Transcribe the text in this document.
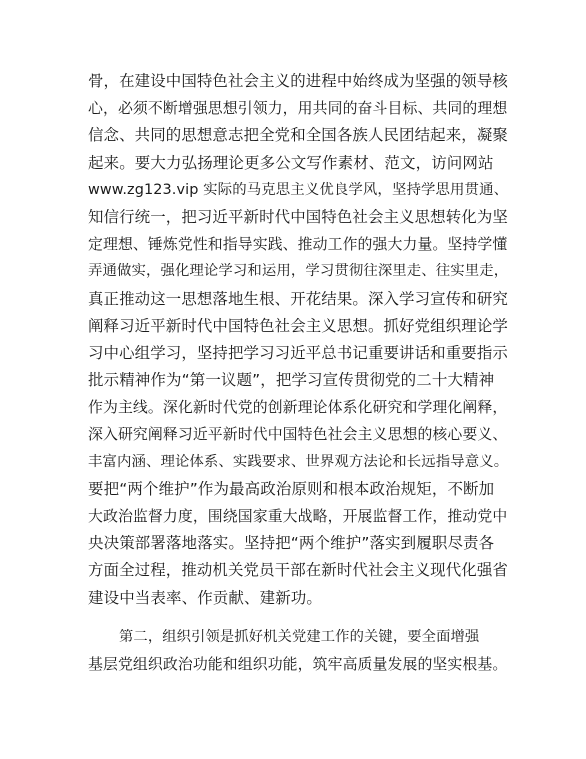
骨，在建设中国特色社会主义的进程中始终成为坚强的领导核
心，必须不断增强思想引领力，用共同的奋斗目标、共同的理想
信念、共同的思想意志把全党和全国各族人民团结起来，凝聚
起来。要大力弘扬理论更多公文写作素材、范文，访问网站
www.zg123.vip 实际的马克思主义优良学风，坚持学思用贯通、
知信行统一，把习近平新时代中国特色社会主义思想转化为坚
定理想、锤炼党性和指导实践、推动工作的强大力量。坚持学懂
弄通做实，强化理论学习和运用，学习贯彻往深里走、往实里走，
真正推动这一思想落地生根、开花结果。深入学习宣传和研究
阐释习近平新时代中国特色社会主义思想。抓好党组织理论学
习中心组学习，坚持把学习习近平总书记重要讲话和重要指示
批示精神作为“第一议题”，把学习宣传贯彻党的二十大精神
作为主线。深化新时代党的创新理论体系化研究和学理化阐释，
深入研究阐释习近平新时代中国特色社会主义思想的核心要义、
丰富内涵、理论体系、实践要求、世界观方法论和长远指导意义。
要把“两个维护”作为最高政治原则和根本政治规矩，不断加
大政治监督力度，围绕国家重大战略，开展监督工作，推动党中
央决策部署落地落实。坚持把“两个维护”落实到履职尽责各
方面全过程，推动机关党员干部在新时代社会主义现代化强省
建设中当表率、作贡献、建新功。
第二，组织引领是抓好机关党建工作的关键，要全面增强
基层党组织政治功能和组织功能，筑牢高质量发展的坚实根基。
